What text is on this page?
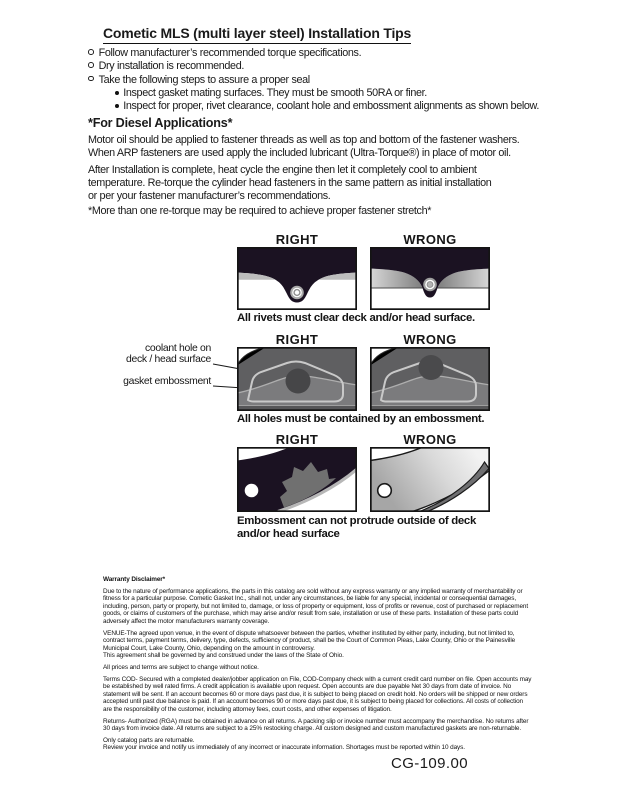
Cometic MLS (multi layer steel) Installation Tips
Follow manufacturer’s recommended torque specifications.
Dry installation is recommended.
Take the following steps to assure a proper seal
Inspect gasket mating surfaces. They must be smooth 50RA or finer.
Inspect for proper, rivet clearance, coolant hole and embossment alignments as shown below.
*For Diesel Applications*
Motor oil should be applied to fastener threads as well as top and bottom of the fastener washers.
When ARP fasteners are used apply the included lubricant (Ultra-Torque®) in place of motor oil.
After Installation is complete, heat cycle the engine then let it completely cool to ambient
temperature. Re-torque the cylinder head fasteners in the same pattern as initial installation
or per your fastener manufacturer’s recommendations.
*More than one re-torque may be required to achieve proper fastener stretch*
RIGHT	WRONG
All rivets must clear deck and/or head surface.
RIGHT	WRONG
coolant hole on
deck / head surface
gasket embossment
All holes must be contained by an embossment.
RIGHT	WRONG
Embossment can not protrude outside of deck
and/or head surface
Warranty Disclaimer*
Due to the nature of performance applications, the parts in this catalog are sold without any express warranty or any implied warranty of merchantability or
fitness for a particular purpose. Cometic Gasket Inc., shall not, under any circumstances, be liable for any special, incidental or consequential damages,
including, person, party or property, but not limited to, damage, or loss of property or equipment, loss of profits or revenue, cost of purchased or replacement
goods, or claims of customers of the purchase, which may arise and/or result from sale, installation or use of these parts. Installation of these parts could
adversely affect the motor manufacturers warranty coverage.
VENUE-The agreed upon venue, in the event of dispute whatsoever between the parties, whether instituted by either party, including, but not limited to,
contract terms, payment terms, delivery, type, defects, sufficiency of product, shall be the Court of Common Pleas, Lake County, Ohio or the Painesville
Municipal Court, Lake County, Ohio, depending on the amount in controversy.
This agreement shall be governed by and construed under the laws of the State of Ohio.
All prices and terms are subject to change without notice.
Terms COD- Secured with a completed dealer/jobber application on File, COD-Company check with a current credit card number on file. Open accounts may
be established by well rated firms. A credit application is available upon request. Open accounts are due payable Net 30 days from date of invoice. No
statement will be sent. If an account becomes 60 or more days past due, it is subject to being placed on credit hold. No orders will be shipped or new orders
accepted until past due balance is paid. If an account becomes 90 or more days past due, it is subject to being placed for collections. All costs of collection
are the responsibility of the customer, including attorney fees, court costs, and other expenses of litigation.
Returns- Authorized (RGA) must be obtained in advance on all returns. A packing slip or invoice number must accompany the merchandise. No returns after
30 days from invoice date. All returns are subject to a 25% restocking charge. All custom designed and custom manufactured gaskets are non-returnable.
Only catalog parts are returnable.
Review your invoice and notify us immediately of any incorrect or inaccurate information. Shortages must be reported within 10 days.
CG-109.00
